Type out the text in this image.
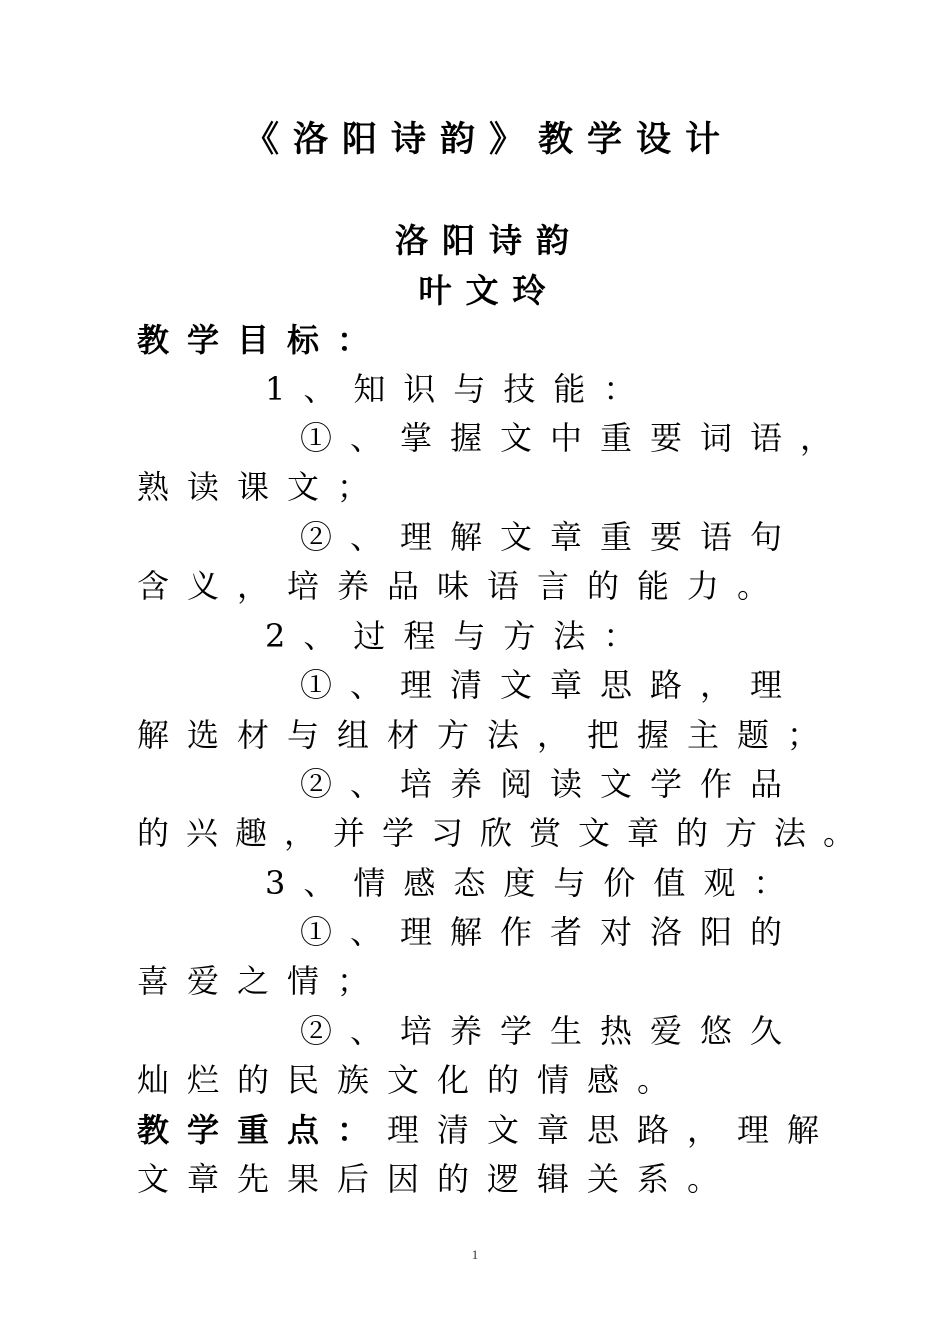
《洛阳诗韵》教学设计
洛阳诗韵
叶文玲
教学目标：
1、知识与技能：
①、掌握文中重要词语，
熟读课文；
②、理解文章重要语句
含义，培养品味语言的能力。
2、过程与方法：
①、理清文章思路，理
解选材与组材方法，把握主题；
②、培养阅读文学作品
的兴趣，并学习欣赏文章的方法。
3、情感态度与价值观：
①、理解作者对洛阳的
喜爱之情；
②、培养学生热爱悠久
灿烂的民族文化的情感。
教学重点：理清文章思路，理解
文章先果后因的逻辑关系。
1
